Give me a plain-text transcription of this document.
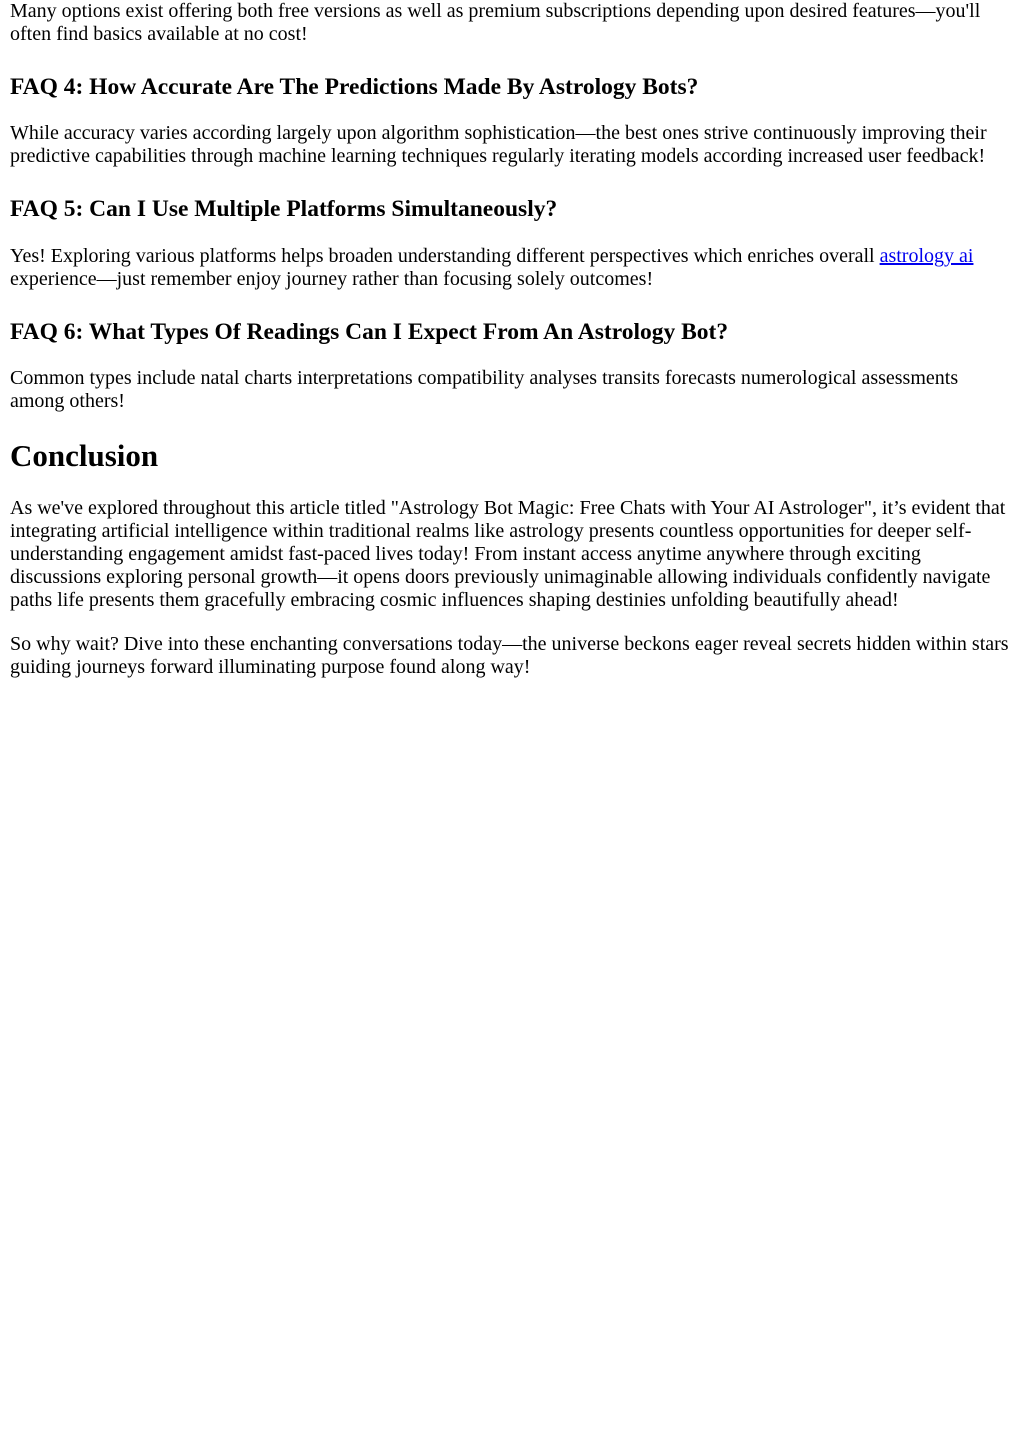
Many options exist offering both free versions as well as premium subscriptions depending upon desired features—you'll often find basics available at no cost!

FAQ 4: How Accurate Are The Predictions Made By Astrology Bots?

While accuracy varies according largely upon algorithm sophistication—the best ones strive continuously improving their predictive capabilities through machine learning techniques regularly iterating models according increased user feedback!

FAQ 5: Can I Use Multiple Platforms Simultaneously?

Yes! Exploring various platforms helps broaden understanding different perspectives which enriches overall astrology ai experience—just remember enjoy journey rather than focusing solely outcomes!

FAQ 6: What Types Of Readings Can I Expect From An Astrology Bot?

Common types include natal charts interpretations compatibility analyses transits forecasts numerological assessments among others!

Conclusion

As we've explored throughout this article titled "Astrology Bot Magic: Free Chats with Your AI Astrologer", it’s evident that integrating artificial intelligence within traditional realms like astrology presents countless opportunities for deeper self-understanding engagement amidst fast-paced lives today! From instant access anytime anywhere through exciting discussions exploring personal growth—it opens doors previously unimaginable allowing individuals confidently navigate paths life presents them gracefully embracing cosmic influences shaping destinies unfolding beautifully ahead!

So why wait? Dive into these enchanting conversations today—the universe beckons eager reveal secrets hidden within stars guiding journeys forward illuminating purpose found along way!
